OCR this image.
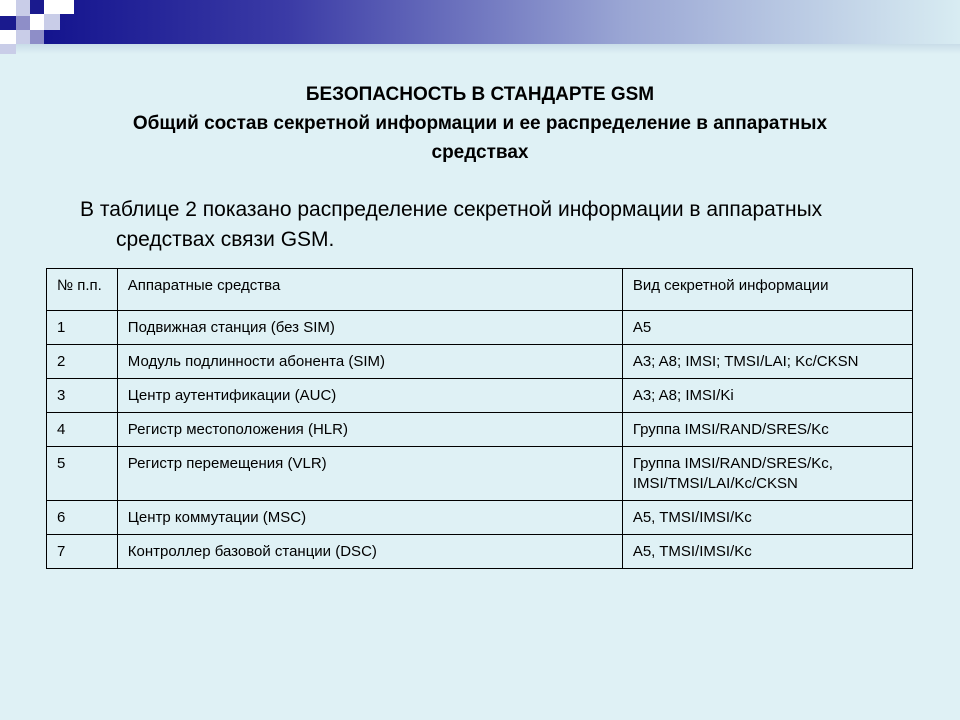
БЕЗОПАСНОСТЬ В СТАНДАРТЕ GSM
Общий состав секретной информации и ее распределение в аппаратных средствах

В таблице 2 показано распределение секретной информации в аппаратных средствах связи GSM.

№ п.п.	Аппаратные средства	Вид секретной информации
1	Подвижная станция (без SIM)	A5
2	Модуль подлинности абонента (SIM)	A3; A8; IMSI; TMSI/LAI; Kc/CKSN
3	Центр аутентификации (AUC)	A3; A8; IMSI/Ki
4	Регистр местоположения (HLR)	Группа IMSI/RAND/SRES/Kc
5	Регистр перемещения (VLR)	Группа IMSI/RAND/SRES/Kc, IMSI/TMSI/LAI/Kc/CKSN
6	Центр коммутации (MSC)	A5, TMSI/IMSI/Kc
7	Контроллер базовой станции (DSC)	A5, TMSI/IMSI/Kc
